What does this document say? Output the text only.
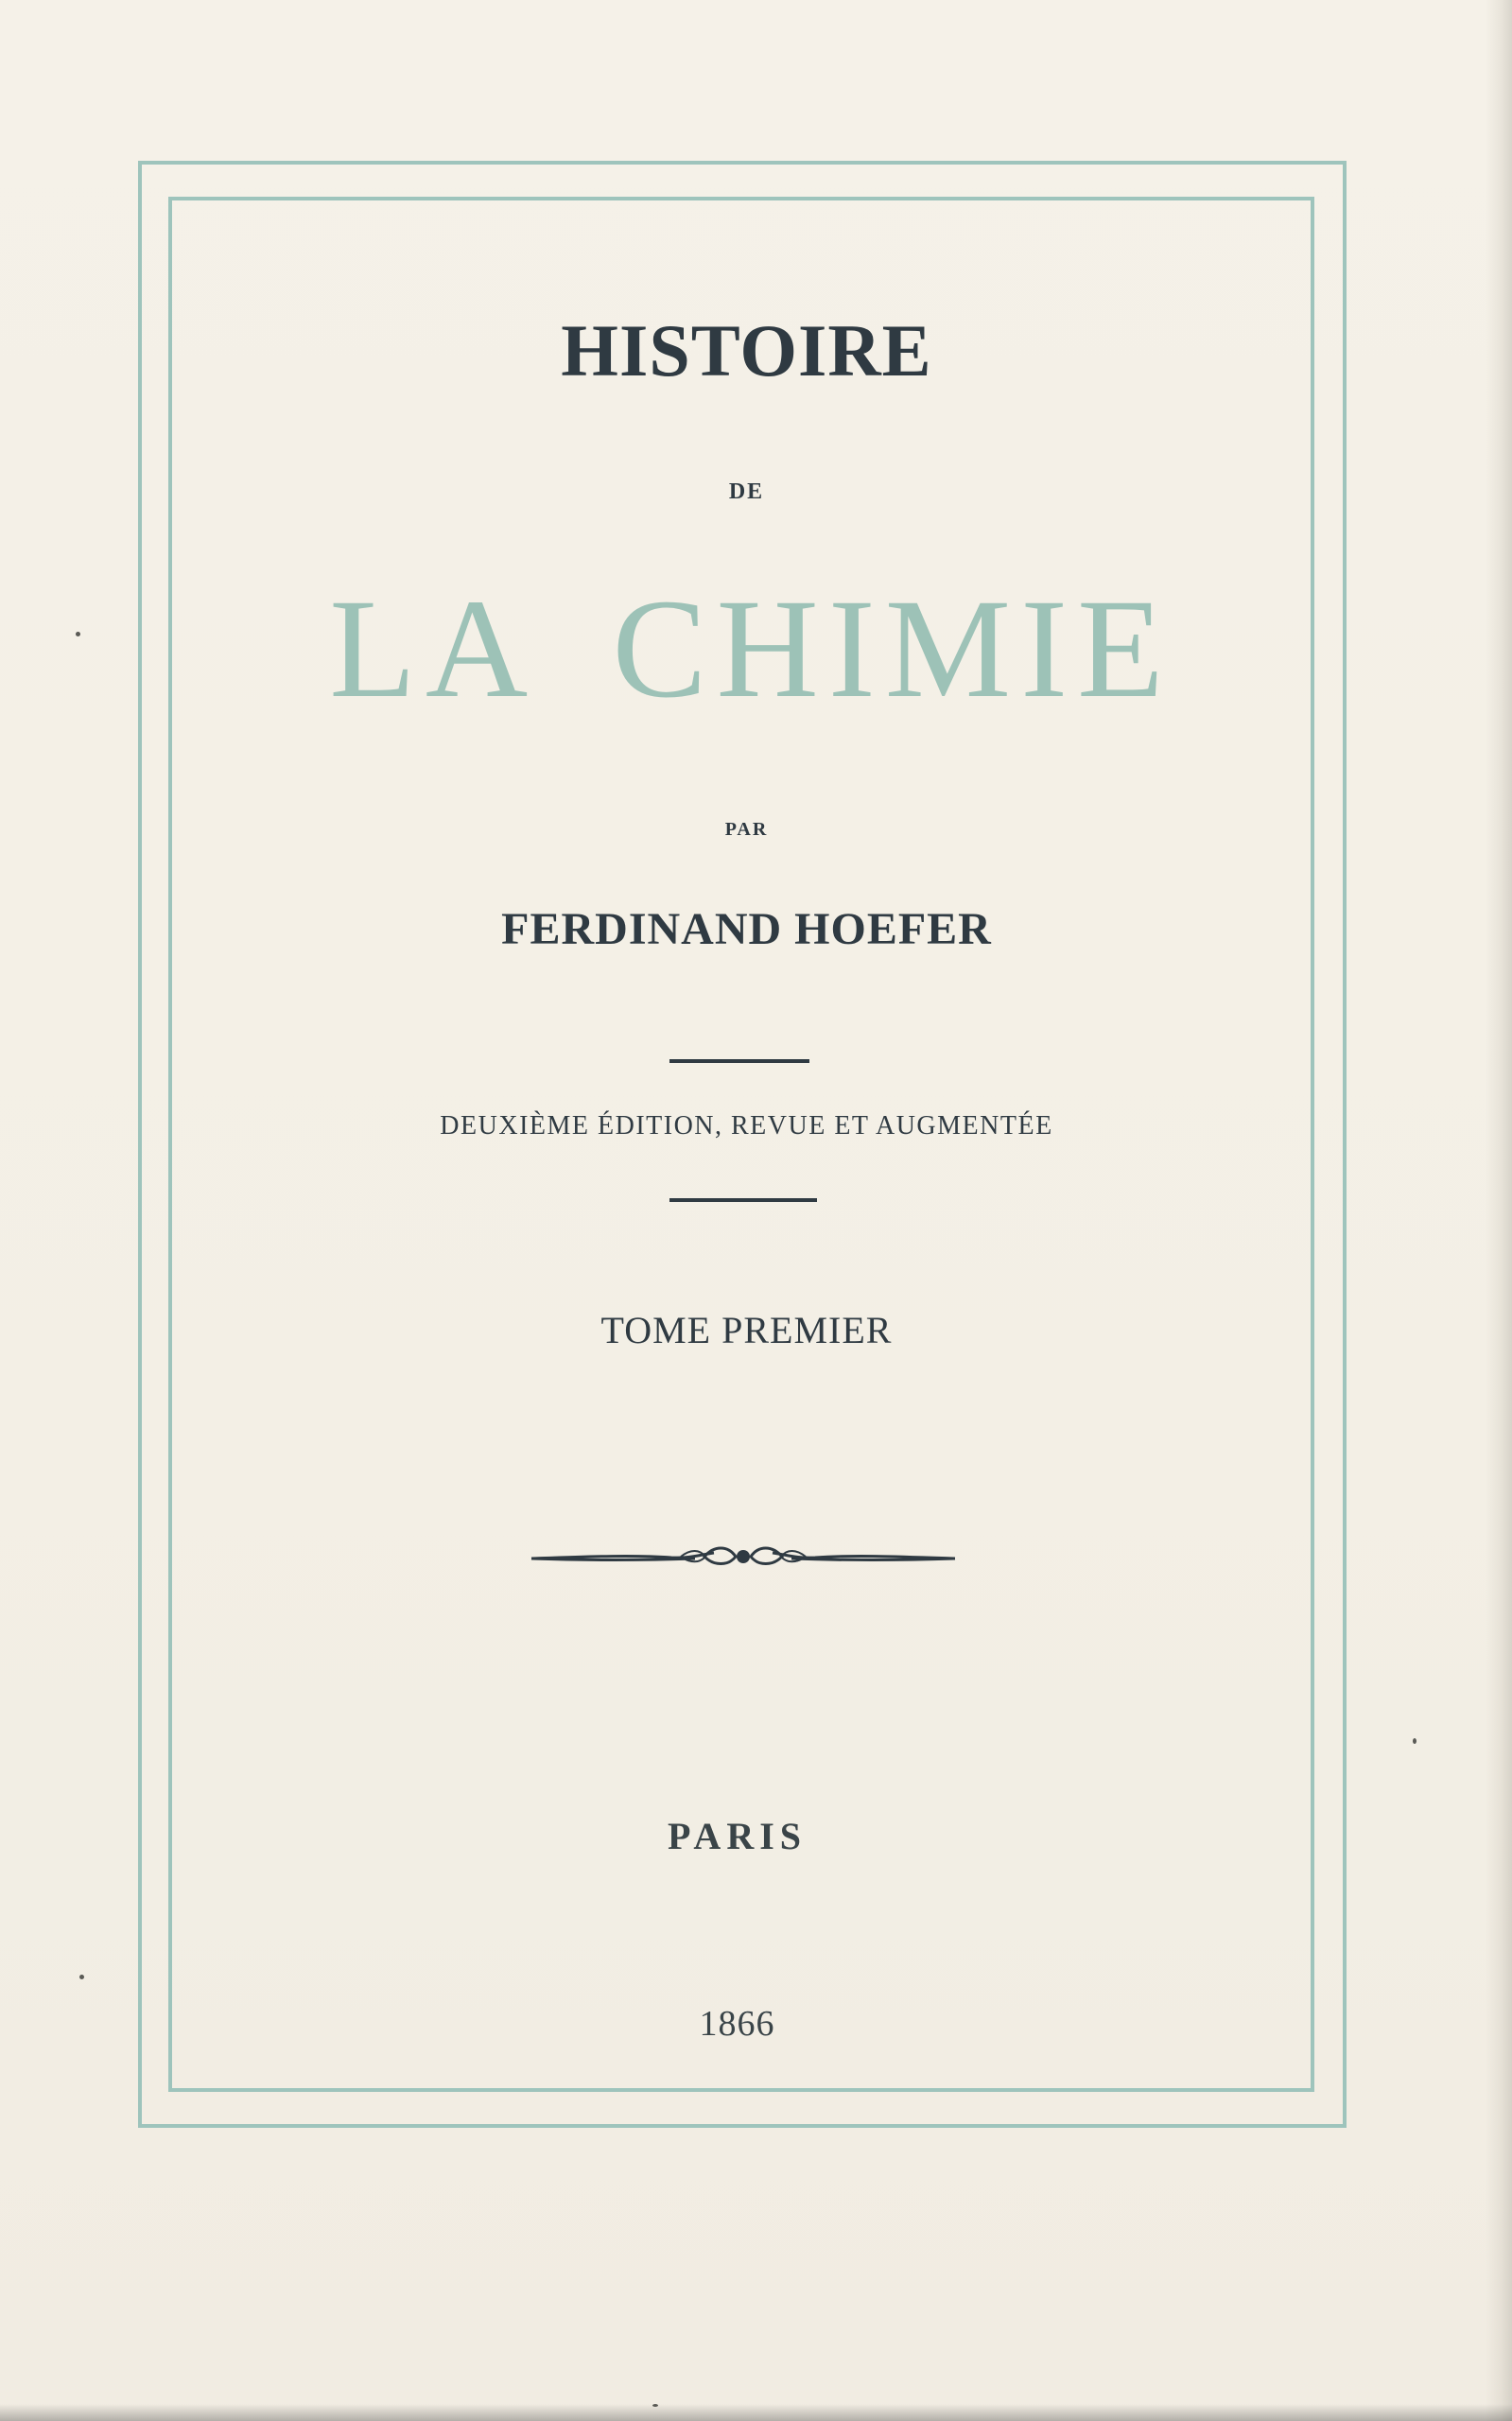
HISTOIRE
DE
LA CHIMIE
PAR
FERDINAND HOEFER
DEUXIÈME ÉDITION, REVUE ET AUGMENTÉE
TOME PREMIER
PARIS
1866
